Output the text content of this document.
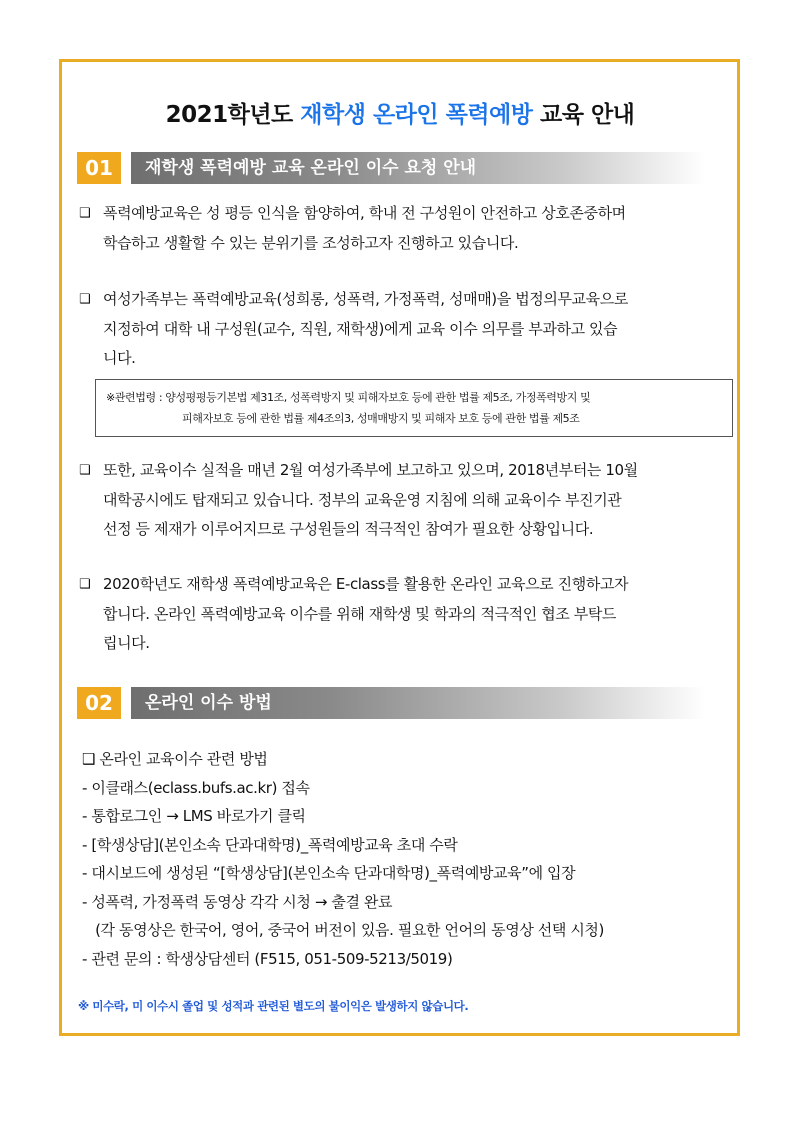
2021학년도 재학생 온라인 폭력예방 교육 안내
01	재학생 폭력예방 교육 온라인 이수 요청 안내
❑ 폭력예방교육은 성 평등 인식을 함양하여, 학내 전 구성원이 안전하고 상호존중하며
학습하고 생활할 수 있는 분위기를 조성하고자 진행하고 있습니다.
❑ 여성가족부는 폭력예방교육(성희롱, 성폭력, 가정폭력, 성매매)을 법정의무교육으로
지정하여 대학 내 구성원(교수, 직원, 재학생)에게 교육 이수 의무를 부과하고 있습
니다.
※관련법령 : 양성평평등기본법 제31조, 성폭력방지 및 피해자보호 등에 관한 법률 제5조, 가정폭력방지 및
피해자보호 등에 관한 법률 제4조의3, 성매매방지 및 피해자 보호 등에 관한 법률 제5조
❑ 또한, 교육이수 실적을 매년 2월 여성가족부에 보고하고 있으며, 2018년부터는 10월
대학공시에도 탑재되고 있습니다. 정부의 교육운영 지침에 의해 교육이수 부진기관
선정 등 제재가 이루어지므로 구성원들의 적극적인 참여가 필요한 상황입니다.
❑ 2020학년도 재학생 폭력예방교육은 E-class를 활용한 온라인 교육으로 진행하고자
합니다. 온라인 폭력예방교육 이수를 위해 재학생 및 학과의 적극적인 협조 부탁드
립니다.
02	온라인 이수 방법
❑ 온라인 교육이수 관련 방법
- 이클래스(eclass.bufs.ac.kr) 접속
- 통합로그인 → LMS 바로가기 클릭
- [학생상담](본인소속 단과대학명)_폭력예방교육 초대 수락
- 대시보드에 생성된 “[학생상담](본인소속 단과대학명)_폭력예방교육”에 입장
- 성폭력, 가정폭력 동영상 각각 시청 → 출결 완료
(각 동영상은 한국어, 영어, 중국어 버전이 있음. 필요한 언어의 동영상 선택 시청)
- 관련 문의 : 학생상담센터 (F515, 051-509-5213/5019)
※ 미수락, 미 이수시 졸업 및 성적과 관련된 별도의 불이익은 발생하지 않습니다.
